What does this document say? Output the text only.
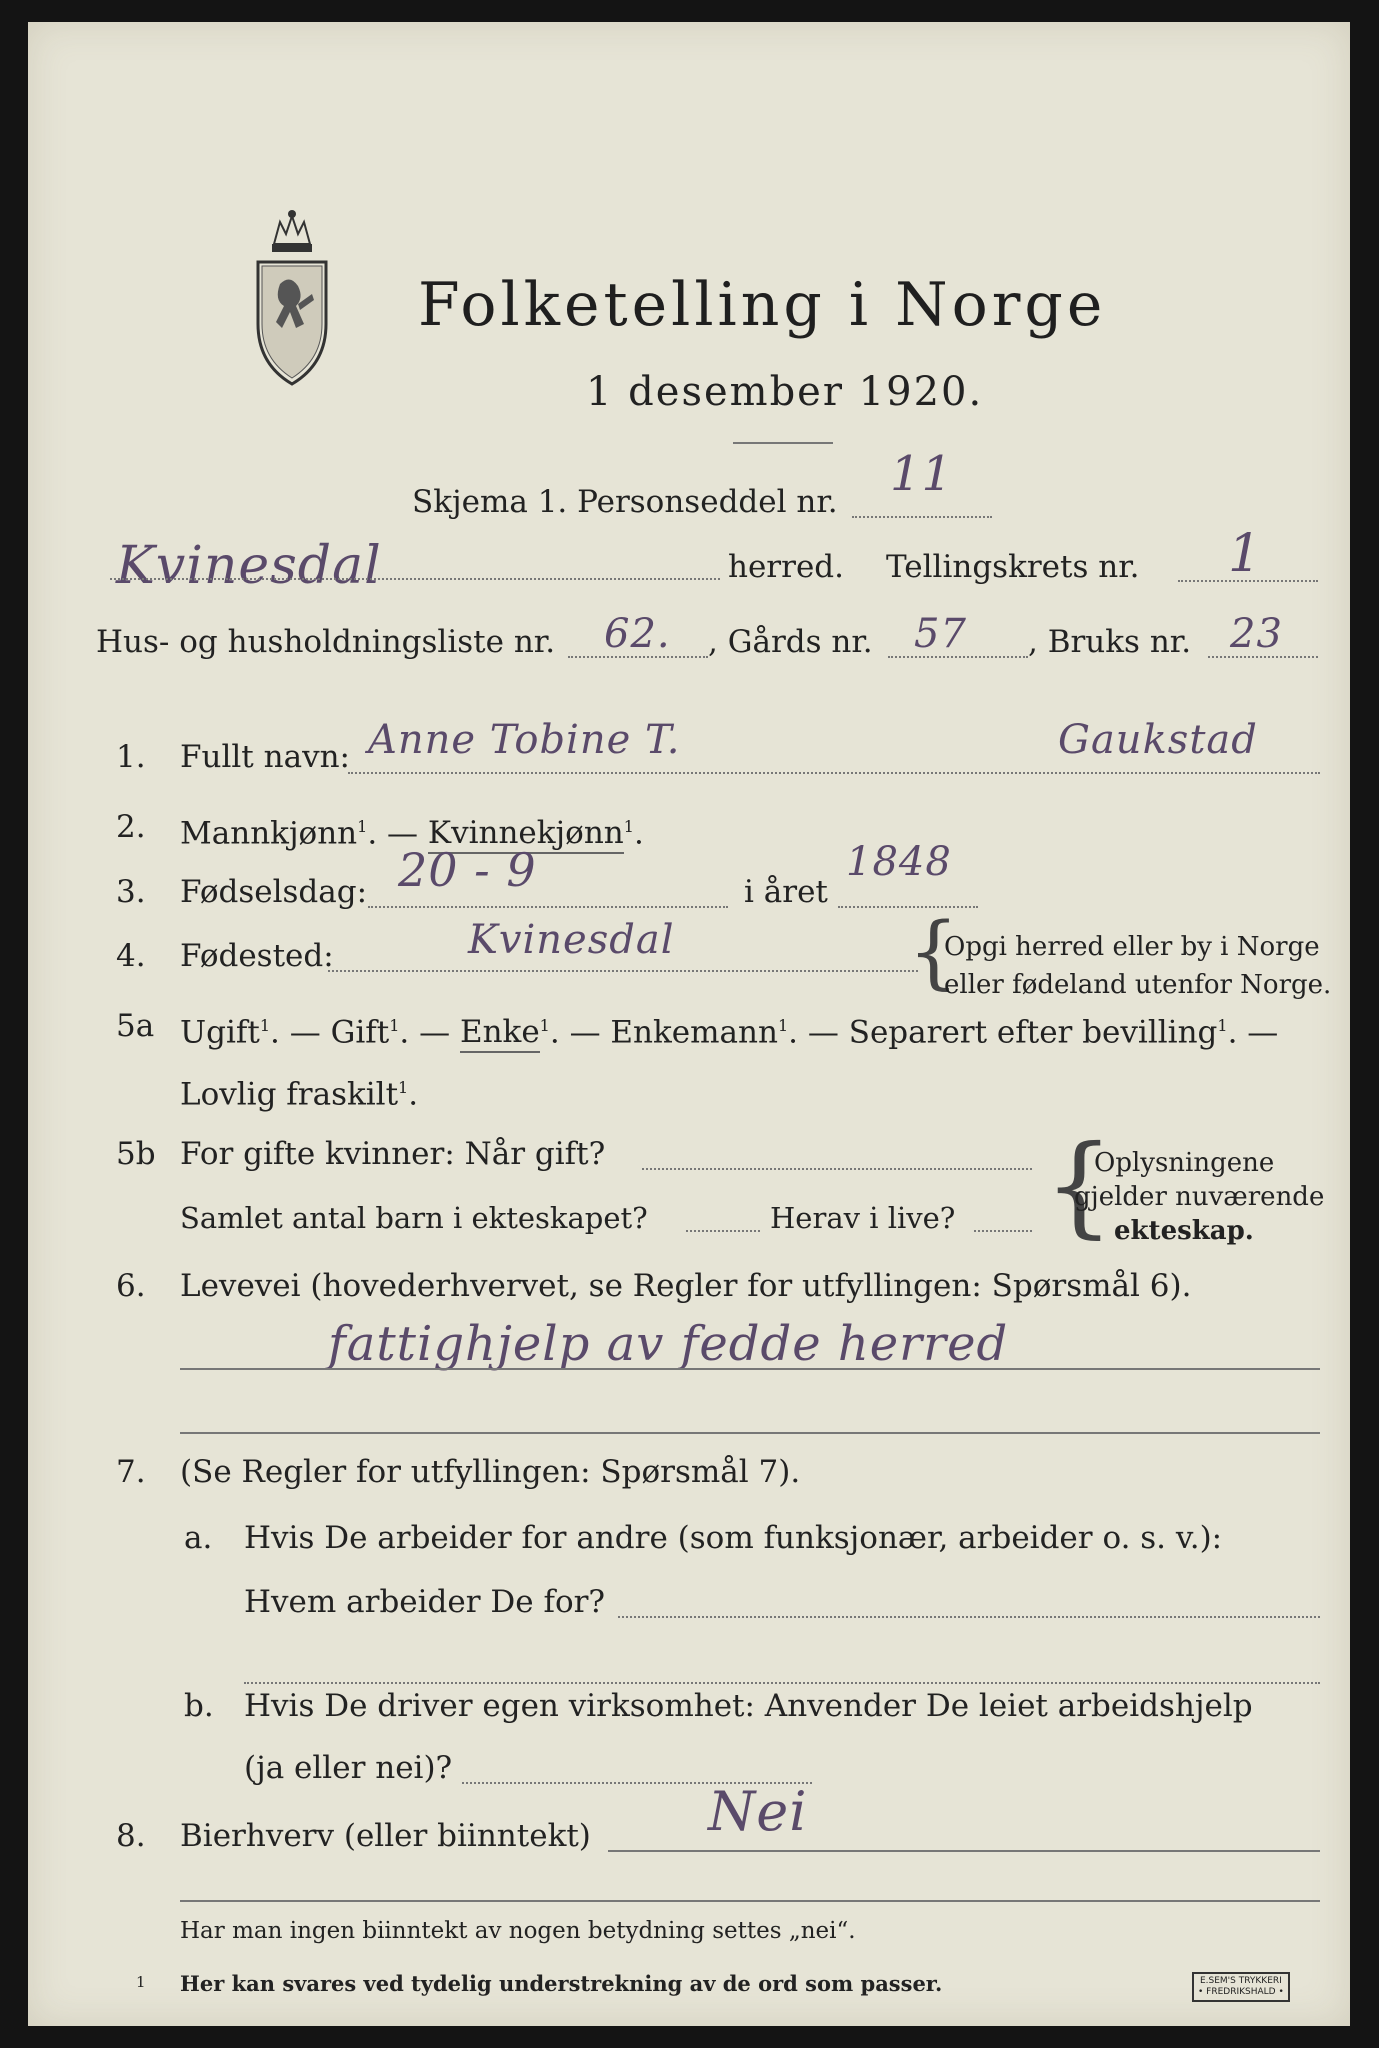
Folketelling i Norge
1 desember 1920.
Skjema 1. Personseddel nr. 11
Kvinesdal	herred. Tellingskrets nr. 1
Hus- og husholdningsliste nr. 62. , Gårds nr. 57 , Bruks nr. 23
1. Fullt navn: Anne Tobine T.	Gaukstad
2. Mannkjønn$^1$. — Kvinnekjønn$^1$.
3. Fødselsdag: 20 - 9	i året
1848
4. Fødested:	Kvinesdal	{
Opgi herred eller by i Norge
eller fødeland utenfor Norge.
5a Ugift$^1$. — Gift$^1$. — Enke$^1$. — Enkemann$^1$. — Separert efter bevilling$^1$. —
Lovlig fraskilt$^1$.
5b For gifte kvinner: Når gift?
Samlet antal barn i ekteskapet?	Herav i live? {
Oplysningene
gjelder nuværende
ekteskap.
6. Levevei (hovederhvervet, se Regler for utfyllingen: Spørsmål 6).
fattighjelp av fedde herred
7. (Se Regler for utfyllingen: Spørsmål 7).
a. Hvis De arbeider for andre (som funksjonær, arbeider o. s. v.):
Hvem arbeider De for?
b. Hvis De driver egen virksomhet: Anvender De leiet arbeidshjelp
(ja eller nei)?
8. Bierhverv (eller biinntekt) Nei
Har man ingen biinntekt av nogen betydning settes „nei“.
1 Her kan svares ved tydelig understrekning av de ord som passer.	E.SEM'S TRYKKERI
• FREDRIKSHALD •
